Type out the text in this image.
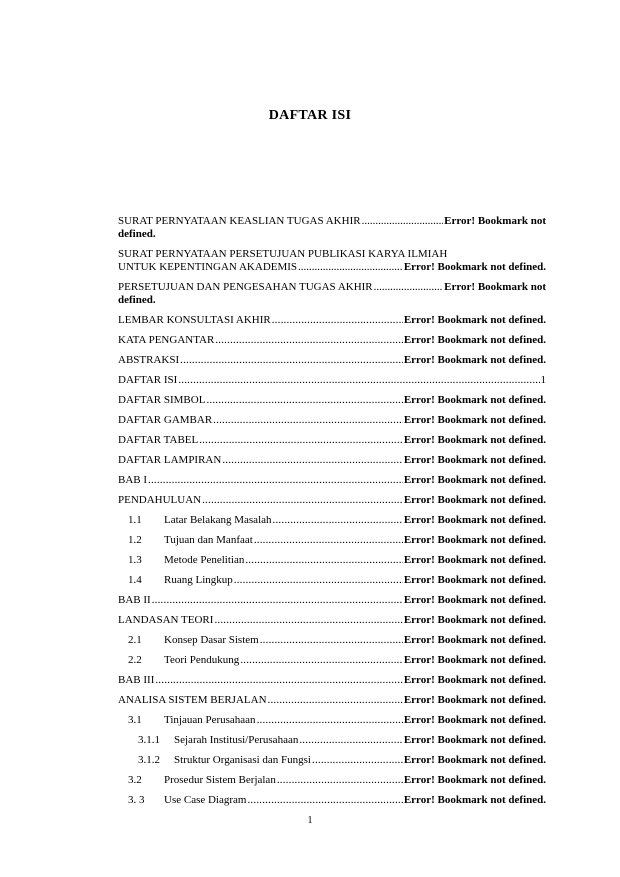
DAFTAR ISI
SURAT PERNYATAAN KEASLIAN TUGAS AKHIR .....	Error! Bookmark not
defined.
SURAT PERNYATAAN PERSETUJUAN PUBLIKASI KARYA ILMIAH
UNTUK KEPENTINGAN AKADEMIS .....	Error! Bookmark not defined.
PERSETUJUAN DAN PENGESAHAN TUGAS AKHIR .....	Error! Bookmark not
defined.
LEMBAR KONSULTASI AKHIR .....	Error! Bookmark not defined.
KATA PENGANTAR .....	Error! Bookmark not defined.
ABSTRAKSI .....	Error! Bookmark not defined.
DAFTAR ISI .....	1
DAFTAR SIMBOL .....	Error! Bookmark not defined.
DAFTAR GAMBAR .....	Error! Bookmark not defined.
DAFTAR TABEL .....	Error! Bookmark not defined.
DAFTAR LAMPIRAN .....	Error! Bookmark not defined.
BAB I .....	Error! Bookmark not defined.
PENDAHULUAN .....	Error! Bookmark not defined.
1.1 Latar Belakang Masalah .....	Error! Bookmark not defined.
1.2 Tujuan dan Manfaat .....	Error! Bookmark not defined.
1.3 Metode Penelitian .....	Error! Bookmark not defined.
1.4 Ruang Lingkup .....	Error! Bookmark not defined.
BAB II .....	Error! Bookmark not defined.
LANDASAN TEORI .....	Error! Bookmark not defined.
2.1 Konsep Dasar Sistem .....	Error! Bookmark not defined.
2.2 Teori Pendukung .....	Error! Bookmark not defined.
BAB III .....	Error! Bookmark not defined.
ANALISA SISTEM BERJALAN .....	Error! Bookmark not defined.
3.1 Tinjauan Perusahaan .....	Error! Bookmark not defined.
3.1.1 Sejarah Institusi/Perusahaan .....	Error! Bookmark not defined.
3.1.2 Struktur Organisasi dan Fungsi .....	Error! Bookmark not defined.
3.2 Prosedur Sistem Berjalan .....	Error! Bookmark not defined.
3. 3 Use Case Diagram .....	Error! Bookmark not defined.
1
